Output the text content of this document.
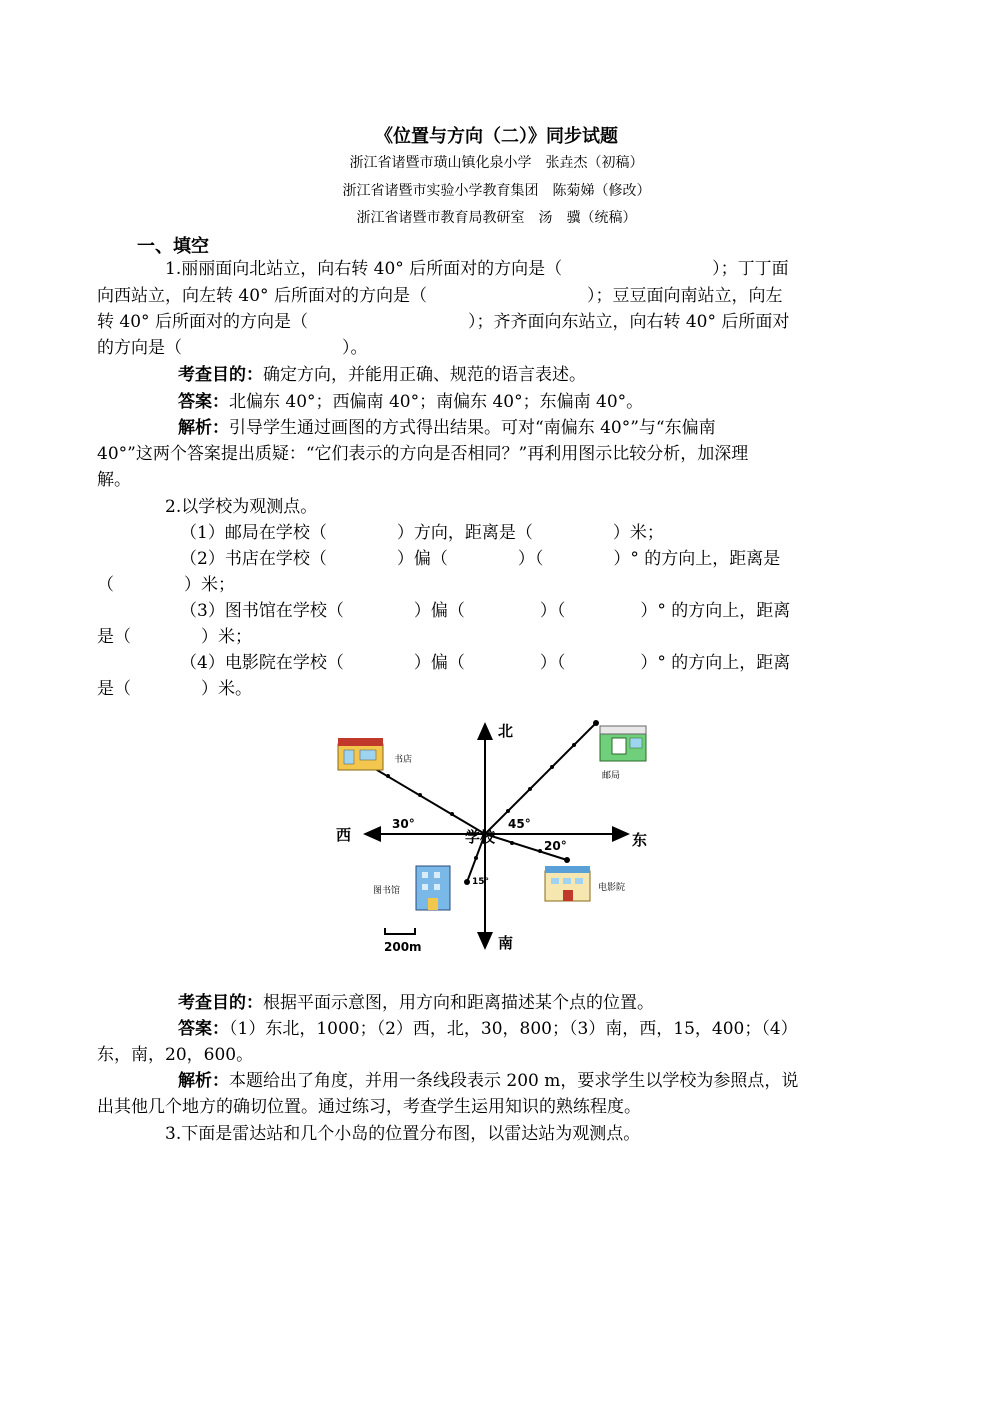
《位置与方向（二）》同步试题
浙江省诸暨市璜山镇化泉小学　张垚杰（初稿）
浙江省诸暨市实验小学教育集团　陈菊娣（修改）
浙江省诸暨市教育局教研室　汤　骥（统稿）
一、填空
1.丽丽面向北站立，向右转 40° 后所面对的方向是（	）；丁丁面
向西站立，向左转 40° 后所面对的方向是（	）；豆豆面向南站立，向左
转 40° 后所面对的方向是（	）；齐齐面向东站立，向右转 40° 后所面对
的方向是（	）。
考查目的：确定方向，并能用正确、规范的语言表述。
答案：北偏东 40°；西偏南 40°；南偏东 40°；东偏南 40°。
解析：引导学生通过画图的方式得出结果。可对“南偏东 40°”与“东偏南
40°”这两个答案提出质疑：“它们表示的方向是否相同？”再利用图示比较分析，加深理
解。
2.以学校为观测点。
（1）邮局在学校（	）方向，距离是（	）米；
（2）书店在学校（	）偏（	）（	）° 的方向上，距离是
（	）米；
（3）图书馆在学校（	）偏（	）（	）° 的方向上，距离
是（	）米；
（4）电影院在学校（	）偏（	）（	）° 的方向上，距离
是（	）米。
北
南
东
西
30°	45°
20°
15°
学校
书店
邮局
图书馆	电影院
200m
考查目的：根据平面示意图，用方向和距离描述某个点的位置。
答案：（1）东北，1000；（2）西，北，30，800；（3）南，西，15，400；（4）
东，南，20，600。
解析：本题给出了角度，并用一条线段表示 200 m，要求学生以学校为参照点，说
出其他几个地方的确切位置。通过练习，考查学生运用知识的熟练程度。
3.下面是雷达站和几个小岛的位置分布图，以雷达站为观测点。
